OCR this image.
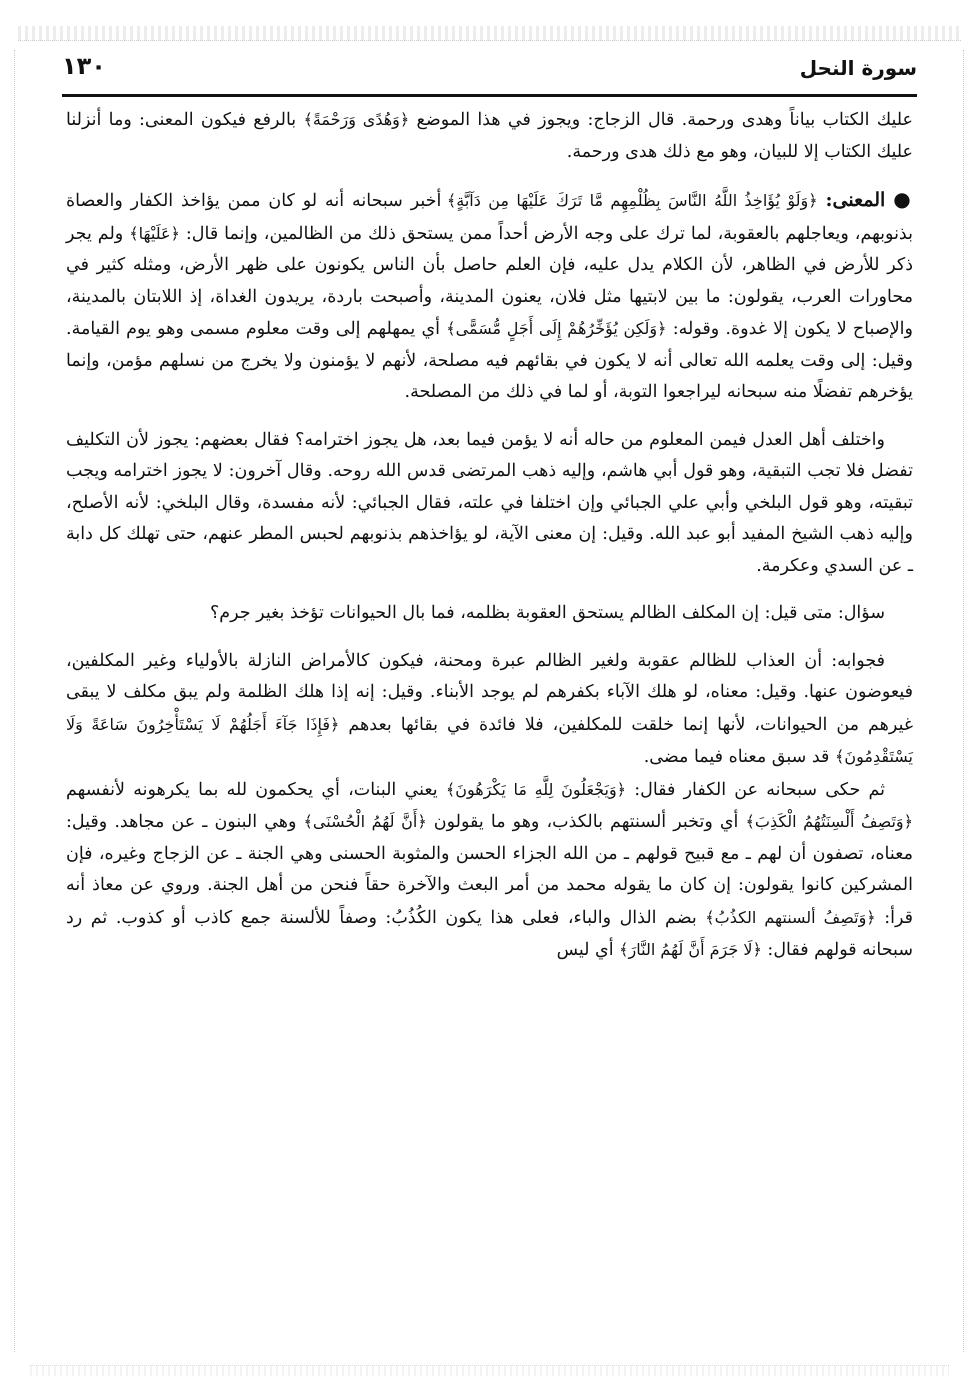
سورة النحل
١٣٠

عليك الكتاب بياناً وهدى ورحمة. قال الزجاج: ويجوز في هذا الموضع ﴿وَهُدًى وَرَحْمَةً﴾ بالرفع فيكون المعنى: وما أنزلنا عليك الكتاب إلا للبيان، وهو مع ذلك هدى ورحمة.

● المعنى: ﴿وَلَوْ يُؤَاخِذُ اللَّهُ النَّاسَ بِظُلْمِهِم مَّا تَرَكَ عَلَيْهَا مِن دَآبَّةٍ﴾ أخبر سبحانه أنه لو كان ممن يؤاخذ الكفار والعصاة بذنوبهم، ويعاجلهم بالعقوبة، لما ترك على وجه الأرض أحداً ممن يستحق ذلك من الظالمين، وإنما قال: ﴿عَلَيْهَا﴾ ولم يجر ذكر للأرض في الظاهر، لأن الكلام يدل عليه، فإن العلم حاصل بأن الناس يكونون على ظهر الأرض، ومثله كثير في محاورات العرب، يقولون: ما بين لابتيها مثل فلان، يعنون المدينة، وأصبحت باردة، يريدون الغداة، إذ اللابتان بالمدينة، والإصباح لا يكون إلا غدوة. وقوله: ﴿وَلَكِن يُؤَخِّرُهُمْ إِلَى أَجَلٍ مُّسَمًّى﴾ أي يمهلهم إلى وقت معلوم مسمى وهو يوم القيامة. وقيل: إلى وقت يعلمه الله تعالى أنه لا يكون في بقائهم فيه مصلحة، لأنهم لا يؤمنون ولا يخرج من نسلهم مؤمن، وإنما يؤخرهم تفضلًا منه سبحانه ليراجعوا التوبة، أو لما في ذلك من المصلحة.

واختلف أهل العدل فيمن المعلوم من حاله أنه لا يؤمن فيما بعد، هل يجوز اخترامه؟ فقال بعضهم: يجوز لأن التكليف تفضل فلا تجب التبقية، وهو قول أبي هاشم، وإليه ذهب المرتضى قدس الله روحه. وقال آخرون: لا يجوز اخترامه ويجب تبقيته، وهو قول البلخي وأبي علي الجبائي وإن اختلفا في علته، فقال الجبائي: لأنه مفسدة، وقال البلخي: لأنه الأصلح، وإليه ذهب الشيخ المفيد أبو عبد الله. وقيل: إن معنى الآية، لو يؤاخذهم بذنوبهم لحبس المطر عنهم، حتى تهلك كل دابة ـ عن السدي وعكرمة.

سؤال: متى قيل: إن المكلف الظالم يستحق العقوبة بظلمه، فما بال الحيوانات تؤخذ بغير جرم؟

فجوابه: أن العذاب للظالم عقوبة ولغير الظالم عبرة ومحنة، فيكون كالأمراض النازلة بالأولياء وغير المكلفين، فيعوضون عنها. وقيل: معناه، لو هلك الآباء بكفرهم لم يوجد الأبناء. وقيل: إنه إذا هلك الظلمة ولم يبق مكلف لا يبقى غيرهم من الحيوانات، لأنها إنما خلقت للمكلفين، فلا فائدة في بقائها بعدهم ﴿فَإِذَا جَآءَ أَجَلُهُمْ لَا يَسْتَأْخِرُونَ سَاعَةً وَلَا يَسْتَقْدِمُونَ﴾ قد سبق معناه فيما مضى.

ثم حكى سبحانه عن الكفار فقال: ﴿وَيَجْعَلُونَ لِلَّهِ مَا يَكْرَهُونَ﴾ يعني البنات، أي يحكمون لله بما يكرهونه لأنفسهم ﴿وَتَصِفُ أَلْسِنَتُهُمُ الْكَذِبَ﴾ أي وتخبر ألسنتهم بالكذب، وهو ما يقولون ﴿أَنَّ لَهُمُ الْحُسْنَى﴾ وهي البنون ـ عن مجاهد. وقيل: معناه، تصفون أن لهم ـ مع قبيح قولهم ـ من الله الجزاء الحسن والمثوبة الحسنى وهي الجنة ـ عن الزجاج وغيره، فإن المشركين كانوا يقولون: إن كان ما يقوله محمد من أمر البعث والآخرة حقاً فنحن من أهل الجنة. وروي عن معاذ أنه قرأ: ﴿وَتَصِفُ ألسنتهم الكذُبُ﴾ بضم الذال والباء، فعلى هذا يكون الكُذُبُ: وصفاً للألسنة جمع كاذب أو كذوب. ثم رد سبحانه قولهم فقال: ﴿لَا جَرَمَ أَنَّ لَهُمُ النَّارَ﴾ أي ليس
